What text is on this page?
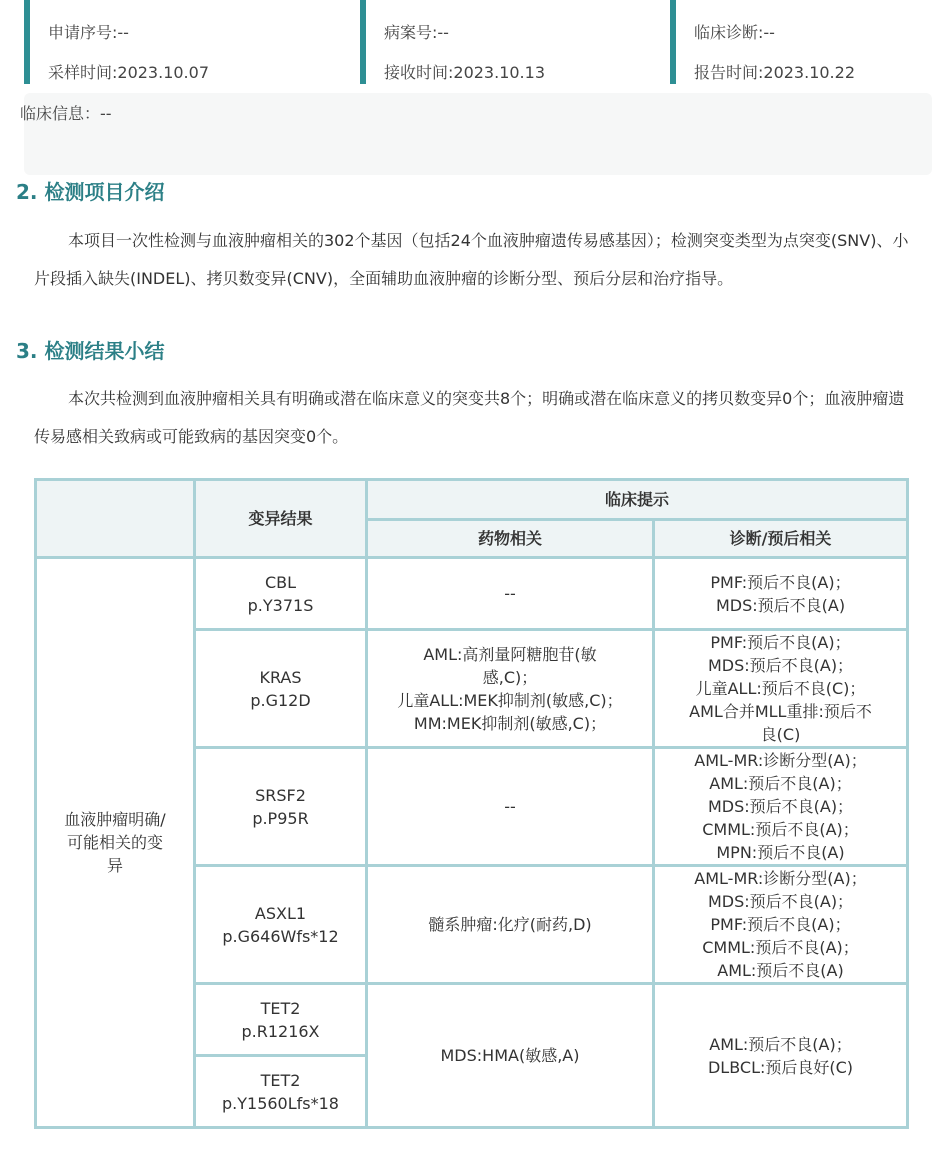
申请序号:--
采样时间:2023.10.07
病案号:--
接收时间:2023.10.13
临床诊断:--
报告时间:2023.10.22
临床信息：--
2. 检测项目介绍
本项目一次性检测与血液肿瘤相关的302个基因（包括24个血液肿瘤遗传易感基因）；检测突变类型为点突变(SNV)、小片段插入缺失(INDEL)、拷贝数变异(CNV)，全面辅助血液肿瘤的诊断分型、预后分层和治疗指导。
3. 检测结果小结
本次共检测到血液肿瘤相关具有明确或潜在临床意义的突变共8个；明确或潜在临床意义的拷贝数变异0个；血液肿瘤遗传易感相关致病或可能致病的基因突变0个。
	变异结果	临床提示	
		药物相关	诊断/预后相关
血液肿瘤明确/
可能相关的变
异	CBL
p.Y371S	--	PMF:预后不良(A)；
MDS:预后不良(A)
	KRAS
p.G12D	AML:高剂量阿糖胞苷(敏
感,C)；
儿童ALL:MEK抑制剂(敏感,C)；
MM:MEK抑制剂(敏感,C)；	PMF:预后不良(A)；
MDS:预后不良(A)；
儿童ALL:预后不良(C)；
AML合并MLL重排:预后不
良(C)
	SRSF2
p.P95R	--	AML-MR:诊断分型(A)；
AML:预后不良(A)；
MDS:预后不良(A)；
CMML:预后不良(A)；
MPN:预后不良(A)
	ASXL1
p.G646Wfs*12	髓系肿瘤:化疗(耐药,D)	AML-MR:诊断分型(A)；
MDS:预后不良(A)；
PMF:预后不良(A)；
CMML:预后不良(A)；
AML:预后不良(A)
	TET2
p.R1216X	MDS:HMA(敏感,A)	AML:预后不良(A)；
DLBCL:预后良好(C)
	TET2
p.Y1560Lfs*18		
